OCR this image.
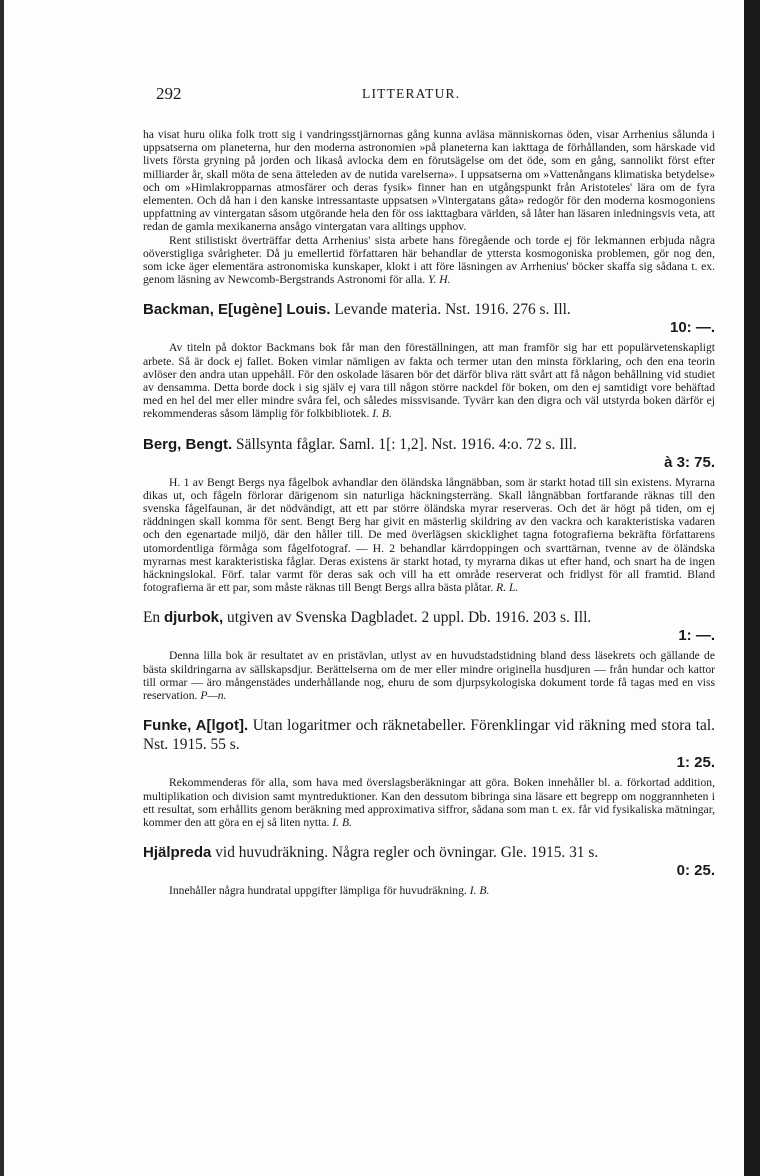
292	LITTERATUR.

ha visat huru olika folk trott sig i vandringsstjärnornas gång kunna avläsa människornas öden, visar Arrhenius sålunda i uppsatserna om planeterna, hur den moderna astronomien »på planeterna kan iakttaga de förhållanden, som härskade vid livets första gryning på jorden och likaså avlocka dem en förutsägelse om det öde, som en gång, sannolikt först efter milliarder år, skall möta de sena ätteleden av de nutida varelserna». I uppsatserna om »Vattenångans klimatiska betydelse» och om »Himlakropparnas atmosfärer och deras fysik» finner han en utgångspunkt från Aristoteles' lära om de fyra elementen. Och då han i den kanske intressantaste uppsatsen »Vintergatans gåta» redogör för den moderna kosmogoniens uppfattning av vintergatan såsom utgörande hela den för oss iakttagbara världen, så låter han läsaren inledningsvis veta, att redan de gamla mexikanerna ansågo vintergatan vara alltings upphov.

Rent stilistiskt överträffar detta Arrhenius' sista arbete hans föregående och torde ej för lekmannen erbjuda några oöverstigliga svårigheter. Då ju emellertid författaren här behandlar de yttersta kosmogoniska problemen, gör nog den, som icke äger elementära astronomiska kunskaper, klokt i att före läsningen av Arrhenius' böcker skaffa sig sådana t. ex. genom läsning av Newcomb-Bergstrands Astronomi för alla. Y. H.

Backman, E[ugène] Louis. Levande materia. Nst. 1916. 276 s. Ill.

10: —.

Av titeln på doktor Backmans bok får man den föreställningen, att man framför sig har ett populärvetenskapligt arbete. Så är dock ej fallet. Boken vimlar nämligen av fakta och termer utan den minsta förklaring, och den ena teorin avlöser den andra utan uppehåll. För den oskolade läsaren bör det därför bliva rätt svårt att få någon behållning vid studiet av densamma. Detta borde dock i sig själv ej vara till någon större nackdel för boken, om den ej samtidigt vore behäftad med en hel del mer eller mindre svåra fel, och således missvisande. Tyvärr kan den digra och väl utstyrda boken därför ej rekommenderas såsom lämplig för folkbibliotek. I. B.

Berg, Bengt. Sällsynta fåglar. Saml. 1[: 1,2]. Nst. 1916. 4:o. 72 s. Ill.

à 3: 75.

H. 1 av Bengt Bergs nya fågelbok avhandlar den öländska långnäbban, som är starkt hotad till sin existens. Myrarna dikas ut, och fågeln förlorar därigenom sin naturliga häckningsterräng. Skall långnäbban fortfarande räknas till den svenska fågelfaunan, är det nödvändigt, att ett par större öländska myrar reserveras. Och det är högt på tiden, om ej räddningen skall komma för sent. Bengt Berg har givit en mästerlig skildring av den vackra och karakteristiska vadaren och den egenartade miljö, där den håller till. De med överlägsen skicklighet tagna fotografierna bekräfta författarens utomordentliga förmåga som fågelfotograf. — H. 2 behandlar kärrdoppingen och svarttärnan, tvenne av de öländska myrarnas mest karakteristiska fåglar. Deras existens är starkt hotad, ty myrarna dikas ut efter hand, och snart ha de ingen häckningslokal. Förf. talar varmt för deras sak och vill ha ett område reserverat och fridlyst för all framtid. Bland fotografierna är ett par, som måste räknas till Bengt Bergs allra bästa plåtar. R. L.

En djurbok, utgiven av Svenska Dagbladet. 2 uppl. Db. 1916. 203 s. Ill.

1: —.

Denna lilla bok är resultatet av en pristävlan, utlyst av en huvudstadstidning bland dess läsekrets och gällande de bästa skildringarna av sällskapsdjur. Berättelserna om de mer eller mindre originella husdjuren — från hundar och kattor till ormar — äro mångenstädes underhållande nog, ehuru de som djurpsykologiska dokument torde få tagas med en viss reservation. P—n.

Funke, A[lgot]. Utan logaritmer och räknetabeller. Förenklingar vid räkning med stora tal. Nst. 1915. 55 s.

1: 25.

Rekommenderas för alla, som hava med överslagsberäkningar att göra. Boken innehåller bl. a. förkortad addition, multiplikation och division samt myntreduktioner. Kan den dessutom bibringa sina läsare ett begrepp om noggrannheten i ett resultat, som erhållits genom beräkning med approximativa siffror, sådana som man t. ex. får vid fysikaliska mätningar, kommer den att göra en ej så liten nytta. I. B.

Hjälpreda vid huvudräkning. Några regler och övningar. Gle. 1915. 31 s.

0: 25.

Innehåller några hundratal uppgifter lämpliga för huvudräkning. I. B.
